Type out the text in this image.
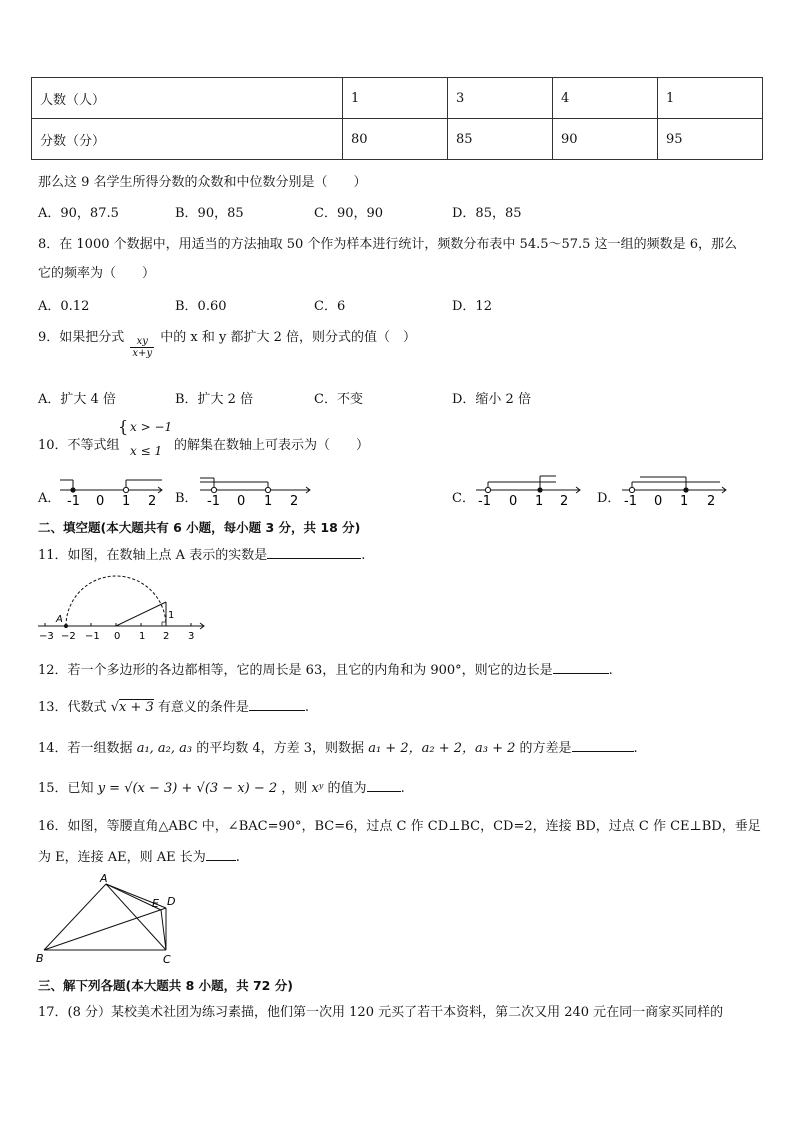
人数（人）	1	3	4	1
分数（分）	80	85	90	95
那么这 9 名学生所得分数的众数和中位数分别是（　　）
A．90，87.5	B．90，85	C．90，90	D．85，85
8．在 1000 个数据中，用适当的方法抽取 50 个作为样本进行统计，频数分布表中 54.5～57.5 这一组的频数是 6，那么
它的频率为（　　）
A．0.12	B．0.60	C．6	D．12
9．如果把分式 $\frac{xy}{x+y}$ 中的 x 和 y 都扩大 2 倍，则分式的值（　）
A．扩大 4 倍	B．扩大 2 倍	C．不变	D．缩小 2 倍
10．不等式组
{ x > −1
x ≤ 1 的解集在数轴上可表示为（　　）
A．	B．	C．	D．
-1 0 1 2	-1 0 1 2	-1 0 1 2	-1 0 1 2
二、填空题(本大题共有 6 小题，每小题 3 分，共 18 分)
11．如图，在数轴上点 A 表示的实数是	.
A	1
−3 −2 −1 0 1 2 3
12．若一个多边形的各边都相等，它的周长是 63，且它的内角和为 900°，则它的边长是	.
13．代数式 √x + 3 有意义的条件是	.
14．若一组数据 a₁, a₂, a₃ 的平均数 4，方差 3，则数据 a₁ + 2，a₂ + 2，a₃ + 2 的方差是	.
15．已知 y = √(x − 3) + √(3 − x) − 2 ，则 xʸ 的值为	.
16．如图，等腰直角△ABC 中，∠BAC=90°，BC=6，过点 C 作 CD⊥BC，CD=2，连接 BD，过点 C 作 CE⊥BD，垂足
为 E，连接 AE，则 AE 长为 .
A
B	C
D
E
三、解下列各题(本大题共 8 小题，共 72 分)
17．(8 分）某校美术社团为练习素描，他们第一次用 120 元买了若干本资料，第二次又用 240 元在同一商家买同样的
